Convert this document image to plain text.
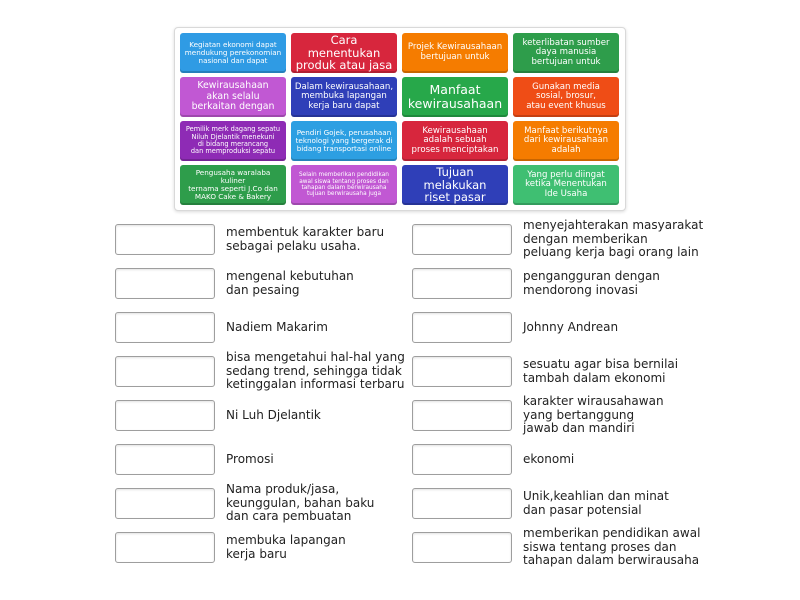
Kegiatan ekonomi dapat
mendukung perekonomian
nasional dan dapat
Cara menentukan
produk atau jasa
Projek Kewirausahaan
bertujuan untuk
keterlibatan sumber
daya manusia
bertujuan untuk
Kewirausahaan
akan selalu
berkaitan dengan
Dalam kewirausahaan,
membuka lapangan
kerja baru dapat
Manfaat
kewirausahaan
Gunakan media
sosial, brosur,
atau event khusus
Pemilik merk dagang sepatu
Niluh Djelantik menekuni
di bidang merancang
dan memproduksi sepatu
Pendiri Gojek, perusahaan
teknologi yang bergerak di
bidang transportasi online
Kewirausahaan
adalah sebuah
proses menciptakan
Manfaat berikutnya
dari kewirausahaan
adalah
Pengusaha waralaba kuliner
ternama seperti J.Co dan
MAKO Cake & Bakery
Selain memberikan pendidikan
awal siswa tentang proses dan
tahapan dalam berwirausaha
tujuan berwirausaha juga
Tujuan melakukan
riset pasar
Yang perlu diingat
ketika Menentukan
Ide Usaha
membentuk karakter baru
sebagai pelaku usaha.
mengenal kebutuhan
dan pesaing
Nadiem Makarim
bisa mengetahui hal-hal yang
sedang trend, sehingga tidak
ketinggalan informasi terbaru
Ni Luh Djelantik
Promosi
Nama produk/jasa,
keunggulan, bahan baku
dan cara pembuatan
membuka lapangan
kerja baru
menyejahterakan masyarakat
dengan memberikan
peluang kerja bagi orang lain
pengangguran dengan
mendorong inovasi
Johnny Andrean
sesuatu agar bisa bernilai
tambah dalam ekonomi
karakter wirausahawan
yang bertanggung
jawab dan mandiri
ekonomi
Unik,keahlian dan minat
dan pasar potensial
memberikan pendidikan awal
siswa tentang proses dan
tahapan dalam berwirausaha
